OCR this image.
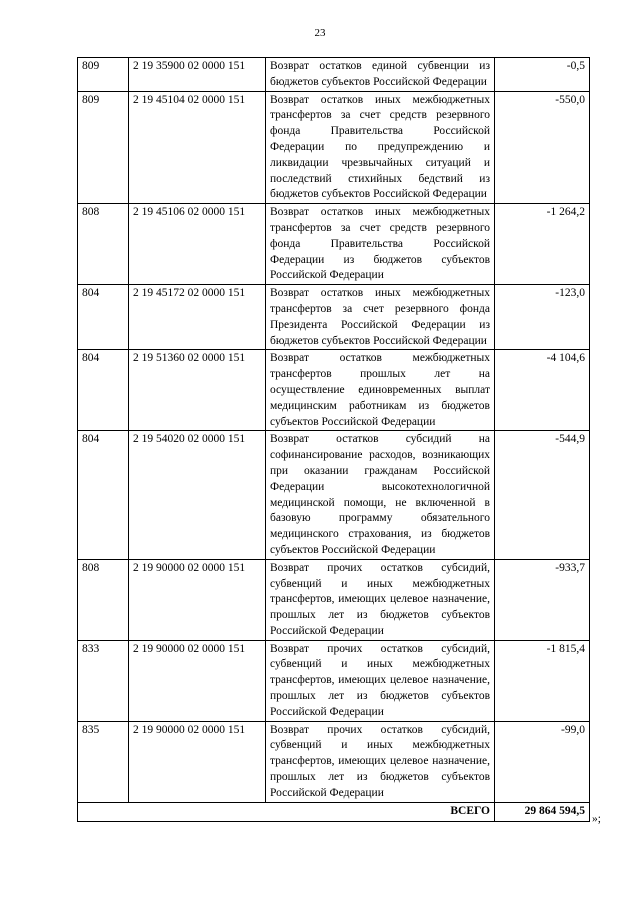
23
809	2 19 35900 02 0000 151	Возврат остатков единой субвенции из бюджетов субъектов Российской Федерации	-0,5
809	2 19 45104 02 0000 151	Возврат остатков иных межбюджетных трансфертов за счет средств резервного фонда Правительства Российской Федерации по предупреждению и ликвидации чрезвычайных ситуаций и последствий стихийных бедствий из бюджетов субъектов Российской Федерации	-550,0
808	2 19 45106 02 0000 151	Возврат остатков иных межбюджетных трансфертов за счет средств резервного фонда Правительства Российской Федерации из бюджетов субъектов Российской Федерации	-1 264,2
804	2 19 45172 02 0000 151	Возврат остатков иных межбюджетных трансфертов за счет резервного фонда Президента Российской Федерации из бюджетов субъектов Российской Федерации	-123,0
804	2 19 51360 02 0000 151	Возврат остатков межбюджетных трансфертов прошлых лет на осуществление единовременных выплат медицинским работникам из бюджетов субъектов Российской Федерации	-4 104,6
804	2 19 54020 02 0000 151	Возврат остатков субсидий на софинансирование расходов, возникающих при оказании гражданам Российской Федерации высокотехнологичной медицинской помощи, не включенной в базовую программу обязательного медицинского страхования, из бюджетов субъектов Российской Федерации	-544,9
808	2 19 90000 02 0000 151	Возврат прочих остатков субсидий, субвенций и иных межбюджетных трансфертов, имеющих целевое назначение, прошлых лет из бюджетов субъектов Российской Федерации	-933,7
833	2 19 90000 02 0000 151	Возврат прочих остатков субсидий, субвенций и иных межбюджетных трансфертов, имеющих целевое назначение, прошлых лет из бюджетов субъектов Российской Федерации	-1 815,4
835	2 19 90000 02 0000 151	Возврат прочих остатков субсидий, субвенций и иных межбюджетных трансфертов, имеющих целевое назначение, прошлых лет из бюджетов субъектов Российской Федерации	-99,0
ВСЕГО			29 864 594,5
»;
